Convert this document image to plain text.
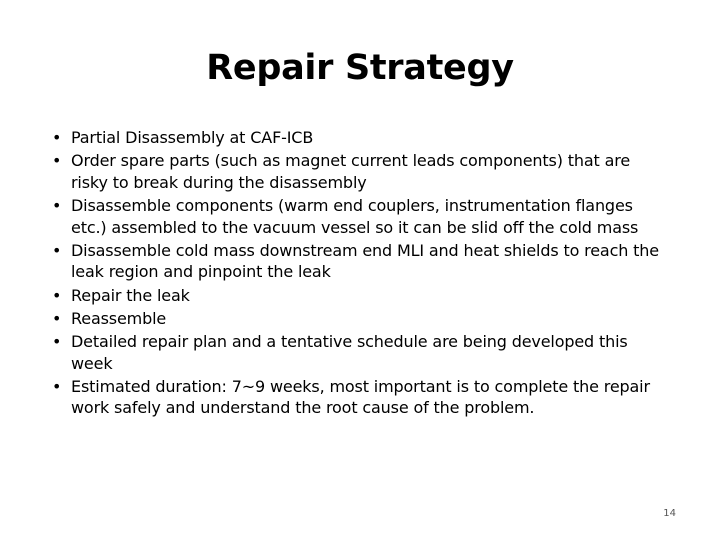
Repair Strategy
• Partial Disassembly at CAF-ICB
• Order spare parts (such as magnet current leads components) that are risky to break during the disassembly
• Disassemble components (warm end couplers, instrumentation flanges etc.) assembled to the vacuum vessel so it can be slid off the cold mass
• Disassemble cold mass downstream end MLI and heat shields to reach the leak region and pinpoint the leak
• Repair the leak
• Reassemble
• Detailed repair plan and a tentative schedule are being developed this week
• Estimated duration: 7~9 weeks, most important is to complete the repair work safely and understand the root cause of the problem.
14
